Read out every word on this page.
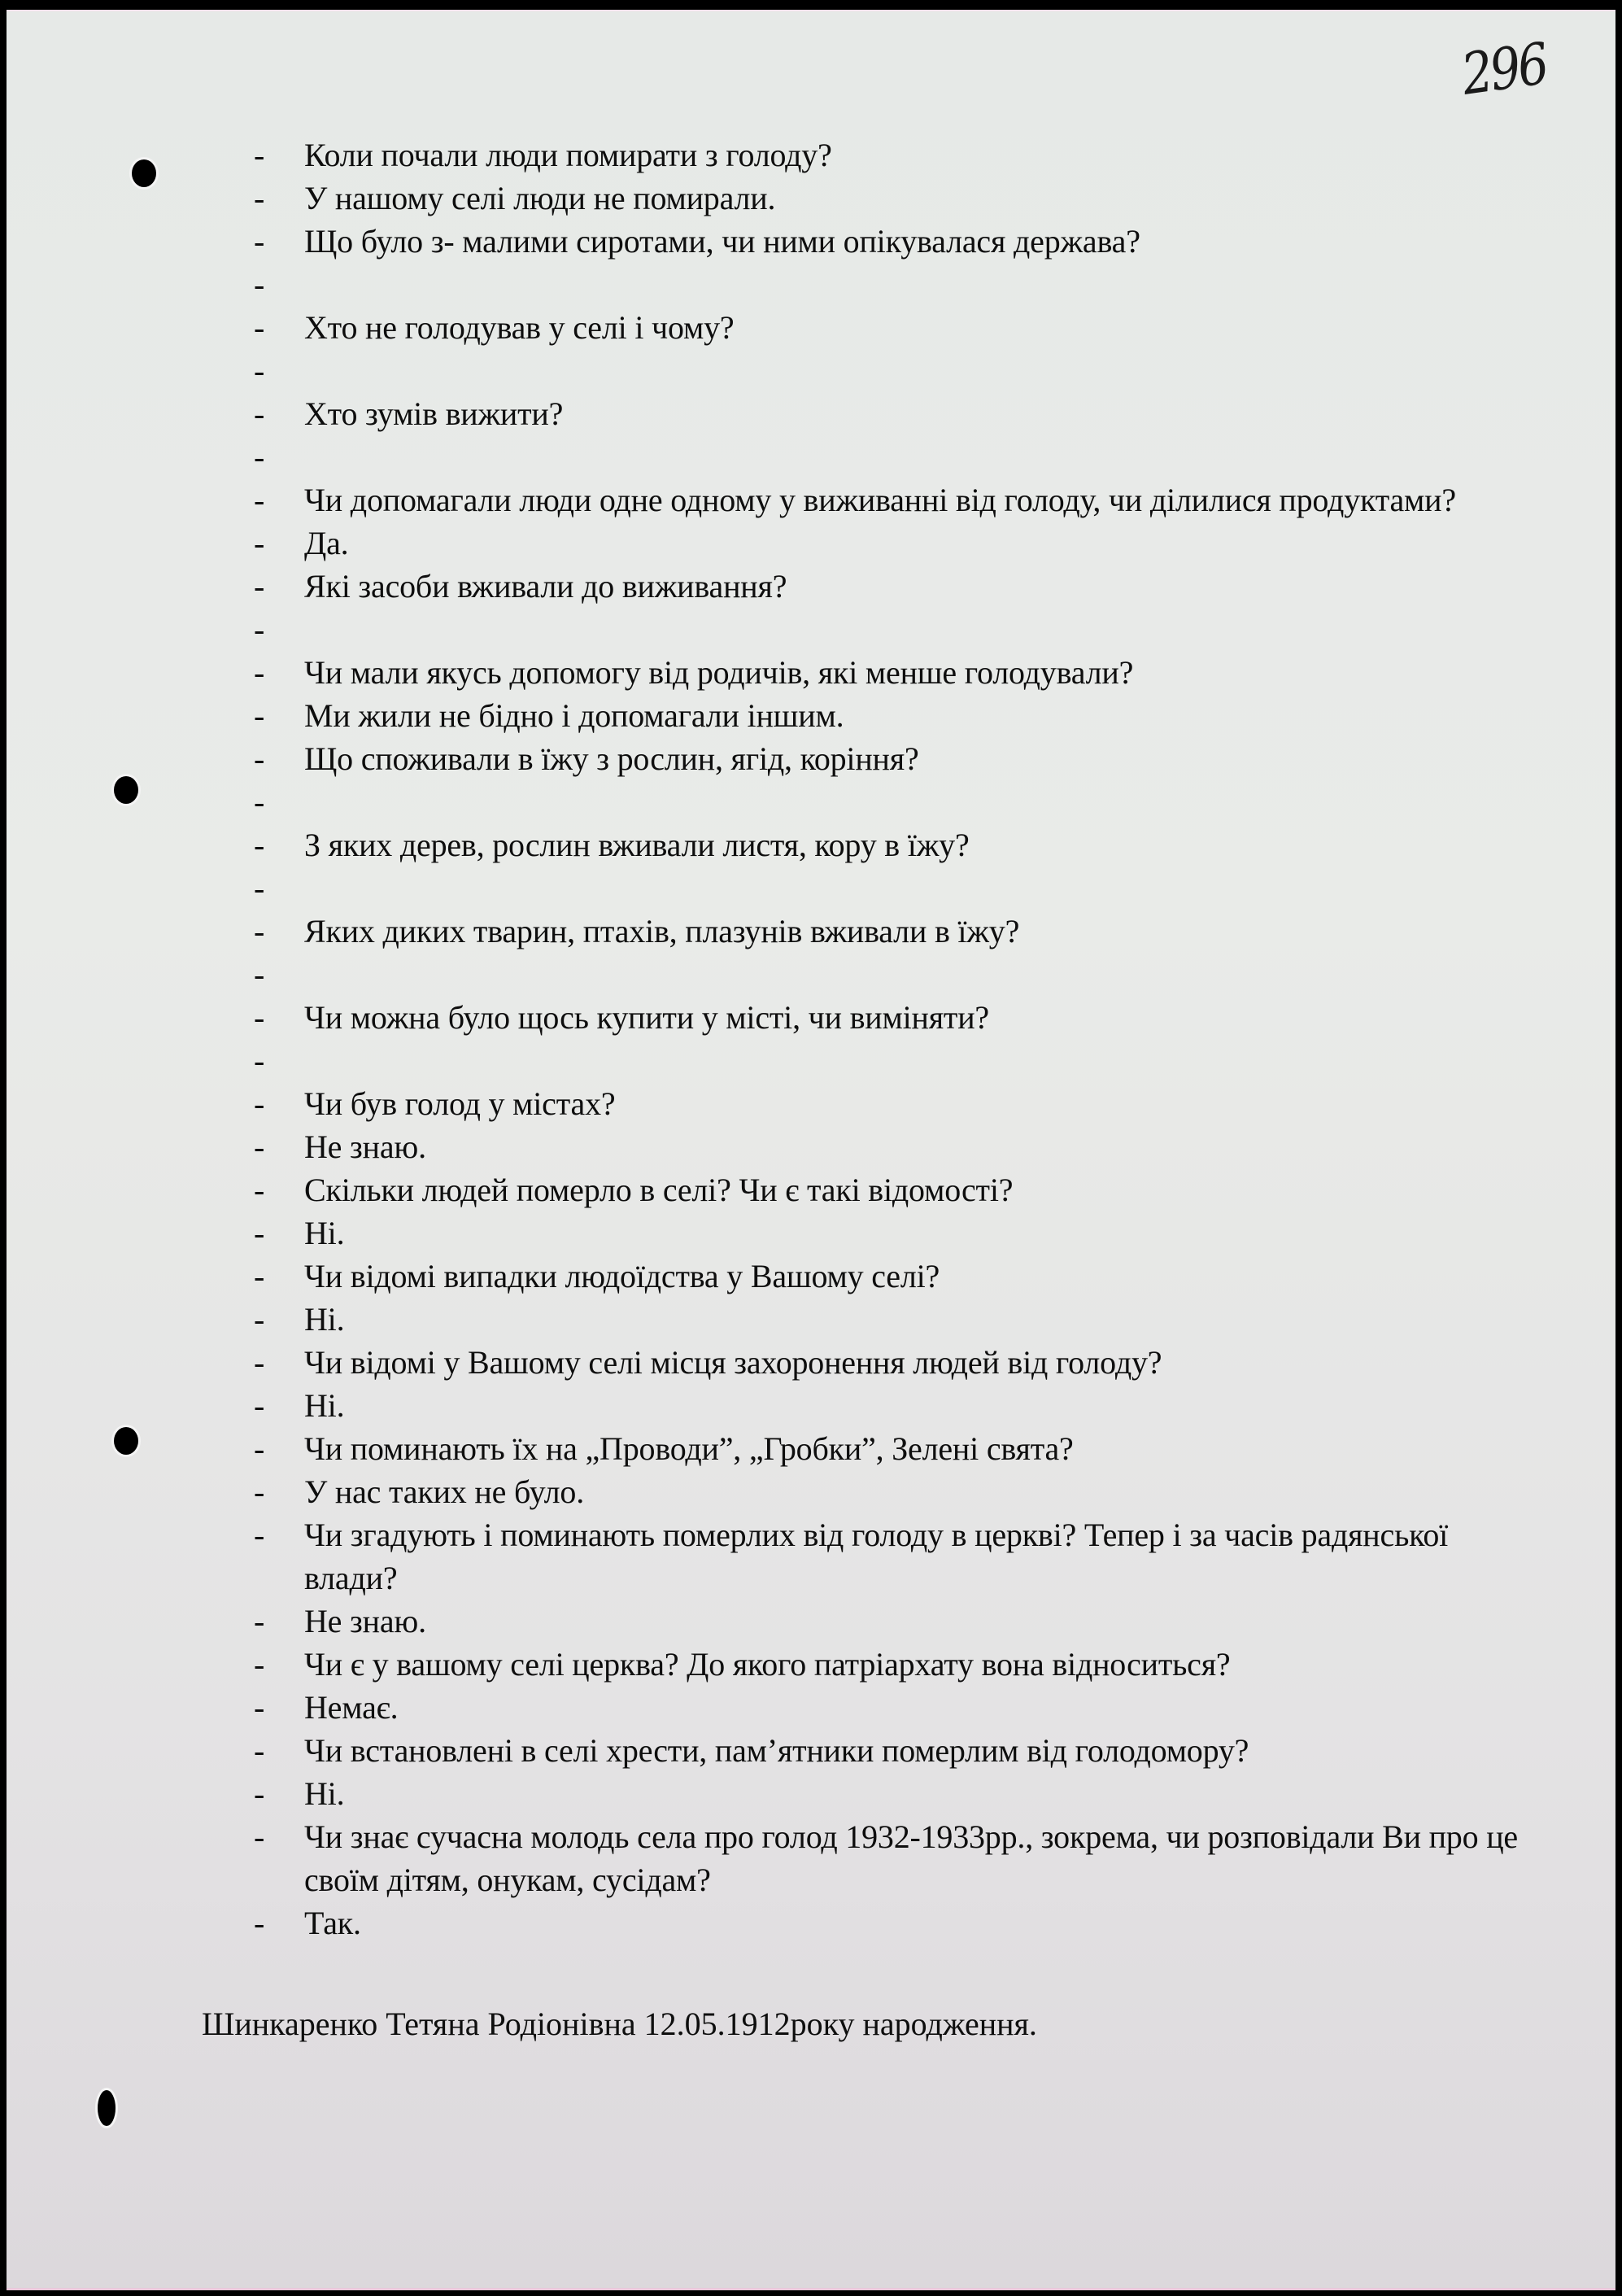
296
- Коли почали люди помирати з голоду?
- У нашому селі люди не помирали.
- Що було з- малими сиротами, чи ними опікувалася держава?
-

- Хто не голодував у селі і чому?
-

- Хто зумів вижити?
-

- Чи допомагали люди одне одному у виживанні від голоду, чи ділилися продуктами?
- Да.
- Які засоби вживали до виживання?
-

- Чи мали якусь допомогу від родичів, які менше голодували?
- Ми жили не бідно і допомагали іншим.
- Що споживали в їжу з рослин, ягід, коріння?
-

- З яких дерев, рослин вживали листя, кору в їжу?
-

- Яких диких тварин, птахів, плазунів вживали в їжу?
-

- Чи можна було щось купити у місті, чи виміняти?
-

- Чи був голод у містах?
- Не знаю.
- Скільки людей померло в селі? Чи є такі відомості?
- Ні.
- Чи відомі випадки людоїдства у Вашому селі?
- Ні.
- Чи відомі у Вашому селі місця захоронення людей від голоду?
- Ні.
- Чи поминають їх на „Проводи”, „Гробки”, Зелені свята?
- У нас таких не було.
- Чи згадують і поминають померлих від голоду в церкві? Тепер і за часів радянської влади?
- Не знаю.
- Чи є у вашому селі церква? До якого патріархату вона відноситься?
- Немає.
- Чи встановлені в селі хрести, пам’ятники померлим від голодомору?
- Ні.
- Чи знає сучасна молодь села про голод 1932-1933рр., зокрема, чи розповідали Ви про це своїм дітям, онукам, сусідам?
- Так.
Шинкаренко Тетяна Родіонівна 12.05.1912року народження.
